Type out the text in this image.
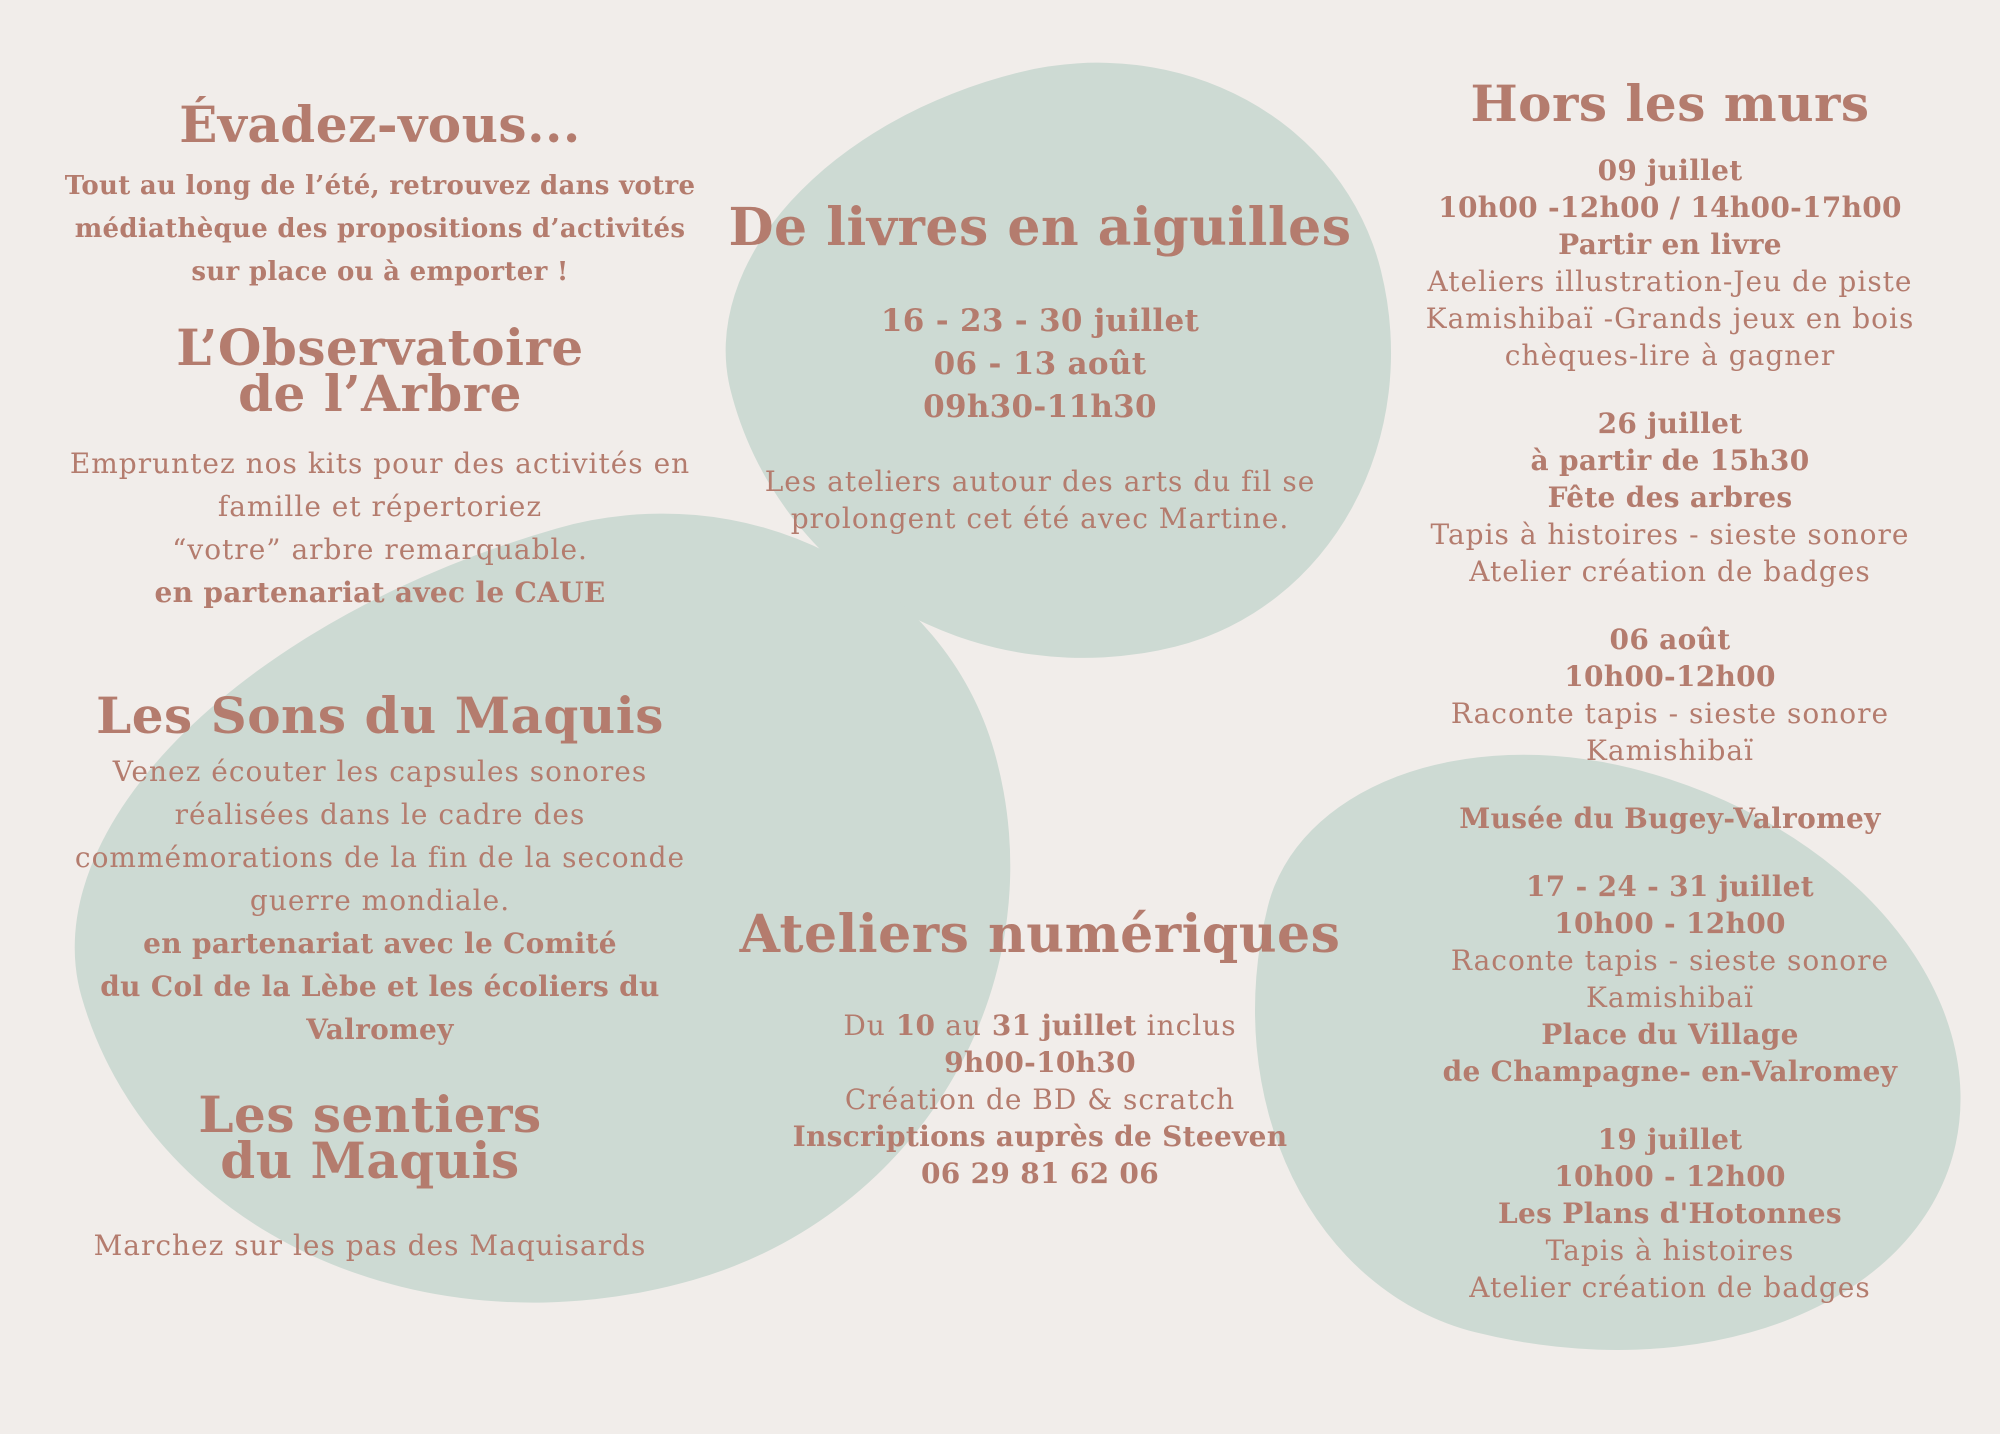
Évadez-vous...
Tout au long de l’été, retrouvez dans votre
médiathèque des propositions d’activités
sur place ou à emporter !
L’Observatoire
de l’Arbre
Empruntez nos kits pour des activités en
famille et répertoriez
“votre” arbre remarquable.
en partenariat avec le CAUE
Les Sons du Maquis
Venez écouter les capsules sonores
réalisées dans le cadre des
commémorations de la fin de la seconde
guerre mondiale.
en partenariat avec le Comité
du Col de la Lèbe et les écoliers du
Valromey
Les sentiers
du Maquis
Marchez sur les pas des Maquisards
De livres en aiguilles
16 - 23 - 30 juillet
06 - 13 août
09h30-11h30
Les ateliers autour des arts du fil se
prolongent cet été avec Martine.
Ateliers numériques
Du 10 au 31 juillet inclus
9h00-10h30
Création de BD & scratch
Inscriptions auprès de Steeven
06 29 81 62 06
Hors les murs
09 juillet
10h00 -12h00 / 14h00-17h00
Partir en livre
Ateliers illustration-Jeu de piste
Kamishibaï -Grands jeux en bois
chèques-lire à gagner
26 juillet
à partir de 15h30
Fête des arbres
Tapis à histoires - sieste sonore
Atelier création de badges
06 août
10h00-12h00
Raconte tapis - sieste sonore
Kamishibaï
Musée du Bugey-Valromey
17 - 24 - 31 juillet
10h00 - 12h00
Raconte tapis - sieste sonore
Kamishibaï
Place du Village
de Champagne- en-Valromey
19 juillet
10h00 - 12h00
Les Plans d'Hotonnes
Tapis à histoires
Atelier création de badges
